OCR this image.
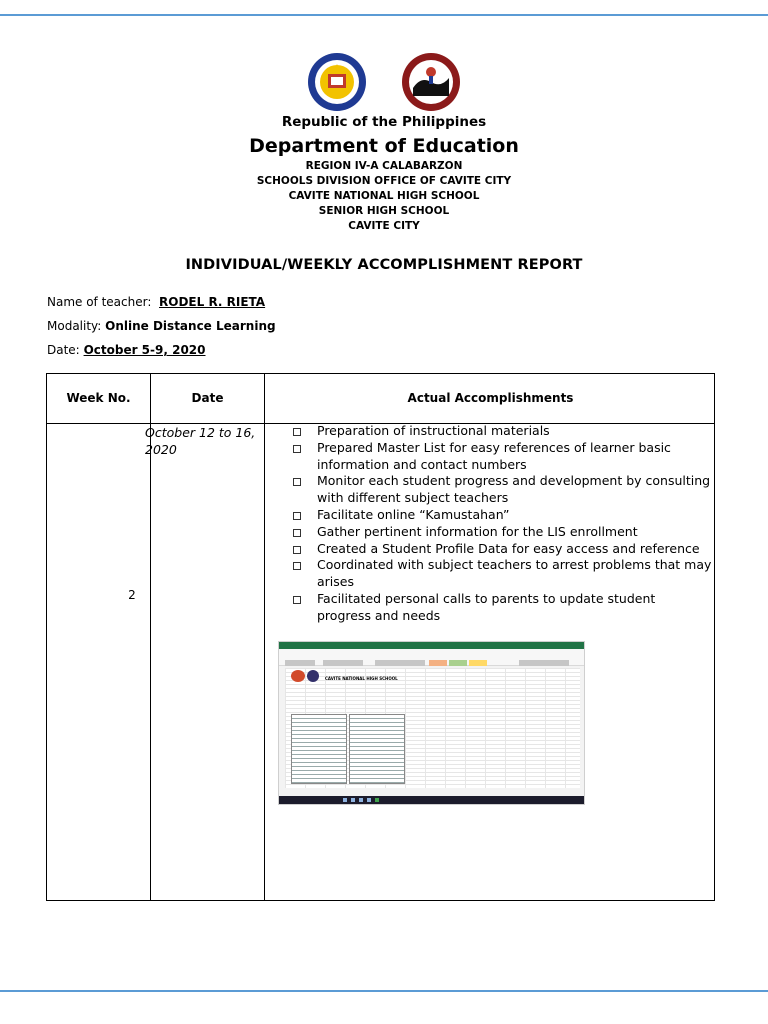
Republic of the Philippines
Department of Education
REGION IV-A CALABARZON
SCHOOLS DIVISION OFFICE OF CAVITE CITY
CAVITE NATIONAL HIGH SCHOOL
SENIOR HIGH SCHOOL
CAVITE CITY
INDIVIDUAL/WEEKLY ACCOMPLISHMENT REPORT
Name of teacher: RODEL R. RIETA
Modality: Online Distance Learning
Date: October 5-9, 2020
Week No.	Date	Actual Accomplishments
2
October 12 to 16, 2020
Preparation of instructional materials
Prepared Master List for easy references of learner basic information and contact numbers
Monitor each student progress and development by consulting with different subject teachers
Facilitate online “Kamustahan”
Gather pertinent information for the LIS enrollment
Created a Student Profile Data for easy access and reference
Coordinated with subject teachers to arrest problems that may arises
Facilitated personal calls to parents to update student progress and needs
CAVITE NATIONAL HIGH SCHOOL
